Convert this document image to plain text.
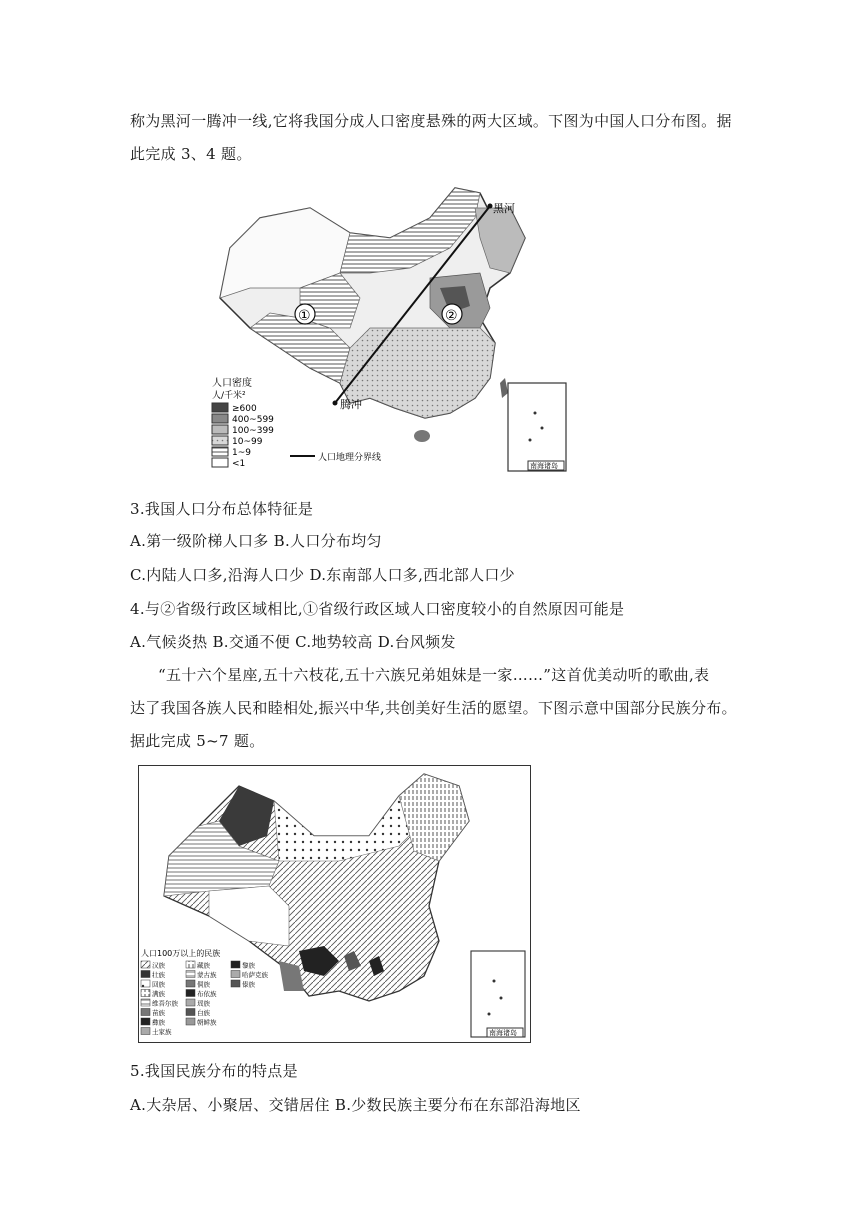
称为黑河一腾冲一线,它将我国分成人口密度悬殊的两大区域。下图为中国人口分布图。据
此完成 3、4 题。
黑河
腾冲
①	②
人口密度
人/千米²
≥600
400~599
100~399
10~99
1~9
<1
人口地理分界线
南海诸岛
3.我国人口分布总体特征是
A.第一级阶梯人口多 B.人口分布均匀
C.内陆人口多,沿海人口少 D.东南部人口多,西北部人口少
4.与②省级行政区域相比,①省级行政区域人口密度较小的自然原因可能是
A.气候炎热 B.交通不便 C.地势较高 D.台风频发
“五十六个星座,五十六枝花,五十六族兄弟姐妹是一家……”这首优美动听的歌曲,表
达了我国各族人民和睦相处,振兴中华,共创美好生活的愿望。下图示意中国部分民族分布。
据此完成 5~7 题。
南海诸岛
人口100万以上的民族
汉族
壮族
回族
满族
维吾尔族
苗族
彝族
土家族
藏族
蒙古族
侗族
布依族
瑶族
白族
朝鲜族
黎族
哈萨克族
傣族
5.我国民族分布的特点是
A.大杂居、小聚居、交错居住 B.少数民族主要分布在东部沿海地区
